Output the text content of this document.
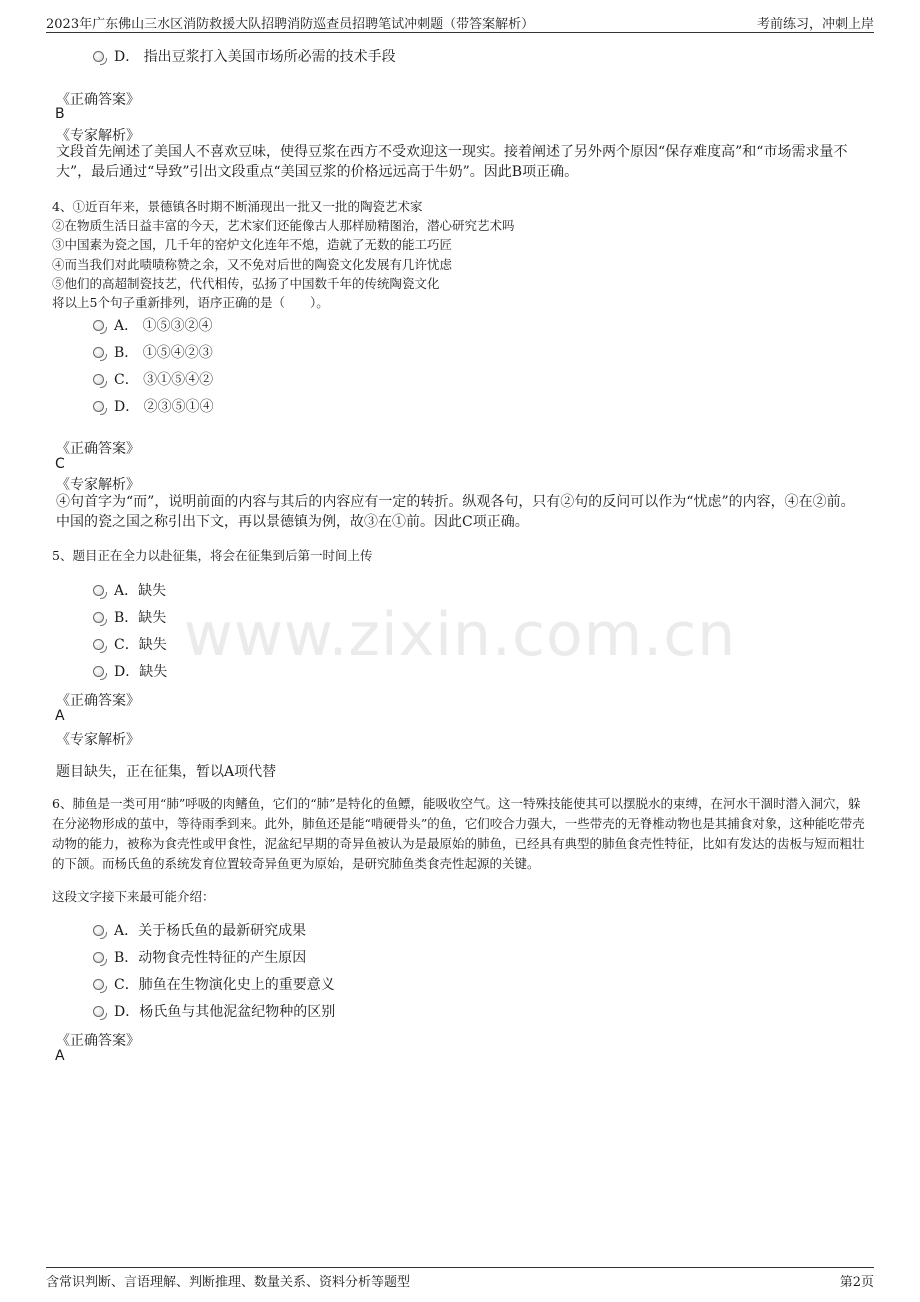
2023年广东佛山三水区消防救援大队招聘消防巡查员招聘笔试冲刺题（带答案解析）	考前练习，冲刺上岸
www.zixin.com.cn
D． 指出豆浆打入美国市场所必需的技术手段
《正确答案》
B
《专家解析》
文段首先阐述了美国人不喜欢豆味，使得豆浆在西方不受欢迎这一现实。接着阐述了另外两个原因“保存难度高”和“市场需求量不大”，最后通过“导致”引出文段重点“美国豆浆的价格远远高于牛奶”。因此B项正确。
4、①近百年来，景德镇各时期不断涌现出一批又一批的陶瓷艺术家
②在物质生活日益丰富的今天，艺术家们还能像古人那样励精图治，潜心研究艺术吗
③中国素为瓷之国，几千年的窑炉文化连年不熄，造就了无数的能工巧匠
④而当我们对此啧啧称赞之余，又不免对后世的陶瓷文化发展有几许忧虑
⑤他们的高超制瓷技艺，代代相传，弘扬了中国数千年的传统陶瓷文化
将以上5个句子重新排列，语序正确的是（　　）。
A． ①⑤③②④
B． ①⑤④②③
C． ③①⑤④②
D． ②③⑤①④
《正确答案》
C
《专家解析》
④句首字为“而”，说明前面的内容与其后的内容应有一定的转折。纵观各句，只有②句的反问可以作为“忧虑”的内容，④在②前。中国的瓷之国之称引出下文，再以景德镇为例，故③在①前。因此C项正确。
5、题目正在全力以赴征集，将会在征集到后第一时间上传
A．缺失
B．缺失
C．缺失
D．缺失
《正确答案》
A
《专家解析》
题目缺失，正在征集，暂以A项代替
6、肺鱼是一类可用“肺”呼吸的肉鳍鱼，它们的“肺”是特化的鱼鳔，能吸收空气。这一特殊技能使其可以摆脱水的束缚，在河水干涸时潜入洞穴，躲在分泌物形成的茧中，等待雨季到来。此外，肺鱼还是能“啃硬骨头”的鱼，它们咬合力强大，一些带壳的无脊椎动物也是其捕食对象，这种能吃带壳动物的能力，被称为食壳性或甲食性，泥盆纪早期的奇异鱼被认为是最原始的肺鱼，已经具有典型的肺鱼食壳性特征，比如有发达的齿板与短而粗壮的下颌。而杨氏鱼的系统发育位置较奇异鱼更为原始，是研究肺鱼类食壳性起源的关键。
这段文字接下来最可能介绍：
A．关于杨氏鱼的最新研究成果
B．动物食壳性特征的产生原因
C．肺鱼在生物演化史上的重要意义
D．杨氏鱼与其他泥盆纪物种的区别
《正确答案》
A
含常识判断、言语理解、判断推理、数量关系、资料分析等题型	第2页
